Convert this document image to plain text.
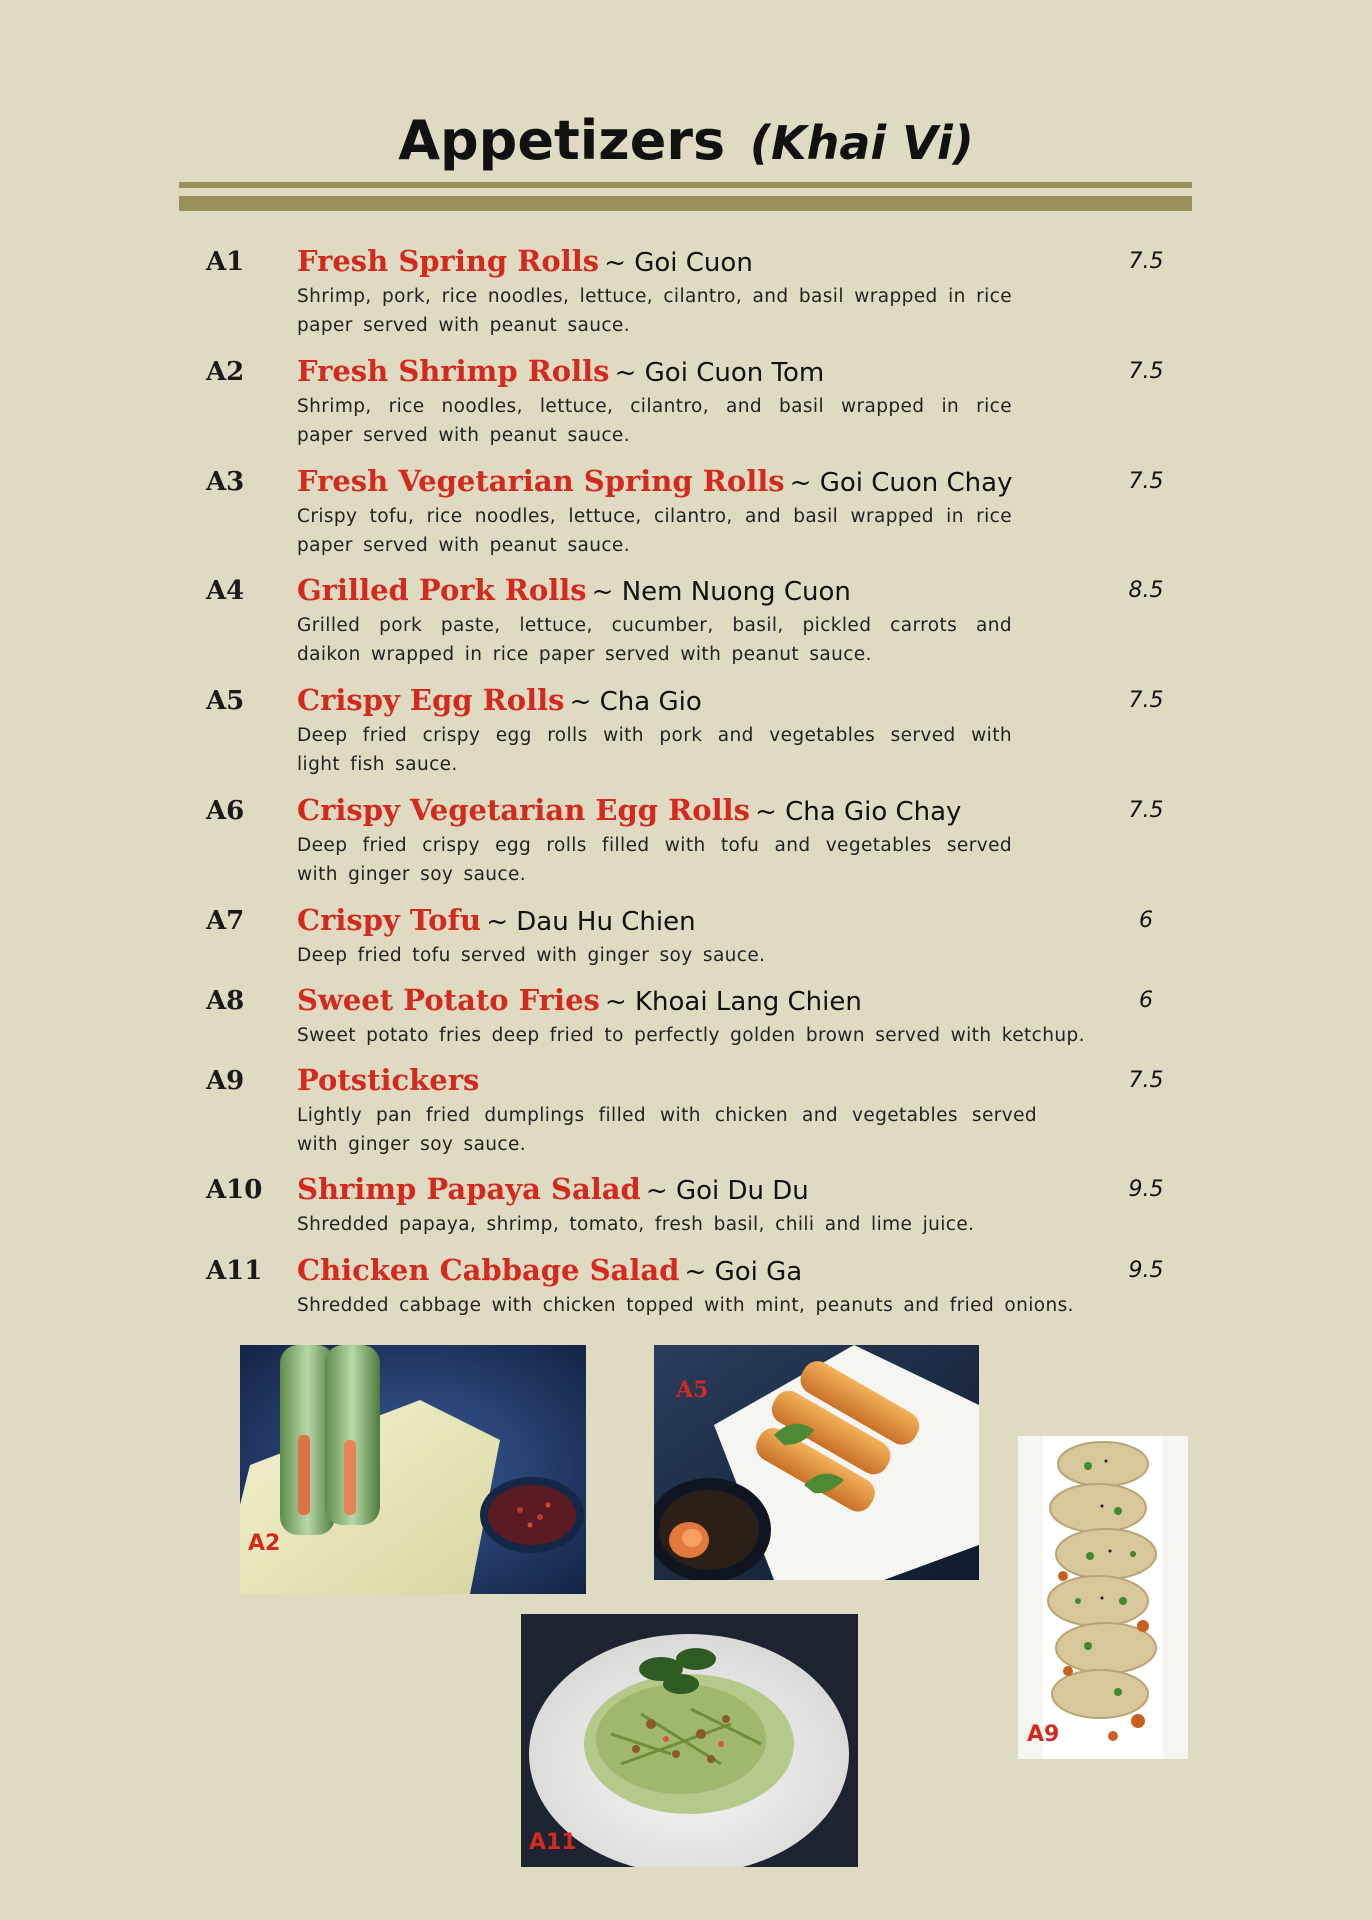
Appetizers (Khai Vi)
A1 Fresh Spring Rolls ~ Goi Cuon	7.5
Shrimp, pork, rice noodles, lettuce, cilantro, and basil wrapped in rice paper served with peanut sauce.
A2 Fresh Shrimp Rolls ~ Goi Cuon Tom	7.5
Shrimp, rice noodles, lettuce, cilantro, and basil wrapped in rice paper served with peanut sauce.
A3 Fresh Vegetarian Spring Rolls ~ Goi Cuon Chay	7.5
Crispy tofu, rice noodles, lettuce, cilantro, and basil wrapped in rice paper served with peanut sauce.
A4 Grilled Pork Rolls ~ Nem Nuong Cuon	8.5
Grilled pork paste, lettuce, cucumber, basil, pickled carrots and daikon wrapped in rice paper served with peanut sauce.
A5 Crispy Egg Rolls ~ Cha Gio	7.5
Deep fried crispy egg rolls with pork and vegetables served with light fish sauce.
A6 Crispy Vegetarian Egg Rolls ~ Cha Gio Chay	7.5
Deep fried crispy egg rolls filled with tofu and vegetables served with ginger soy sauce.
A7 Crispy Tofu ~ Dau Hu Chien	6
Deep fried tofu served with ginger soy sauce.
A8 Sweet Potato Fries ~ Khoai Lang Chien	6
Sweet potato fries deep fried to perfectly golden brown served with ketchup.
A9 Potstickers	7.5
Lightly pan fried dumplings filled with chicken and vegetables served with ginger soy sauce.
A10 Shrimp Papaya Salad ~ Goi Du Du	9.5
Shredded papaya, shrimp, tomato, fresh basil, chili and lime juice.
A11 Chicken Cabbage Salad ~ Goi Ga	9.5
Shredded cabbage with chicken topped with mint, peanuts and fried onions.
A2
A5
A9
A11
